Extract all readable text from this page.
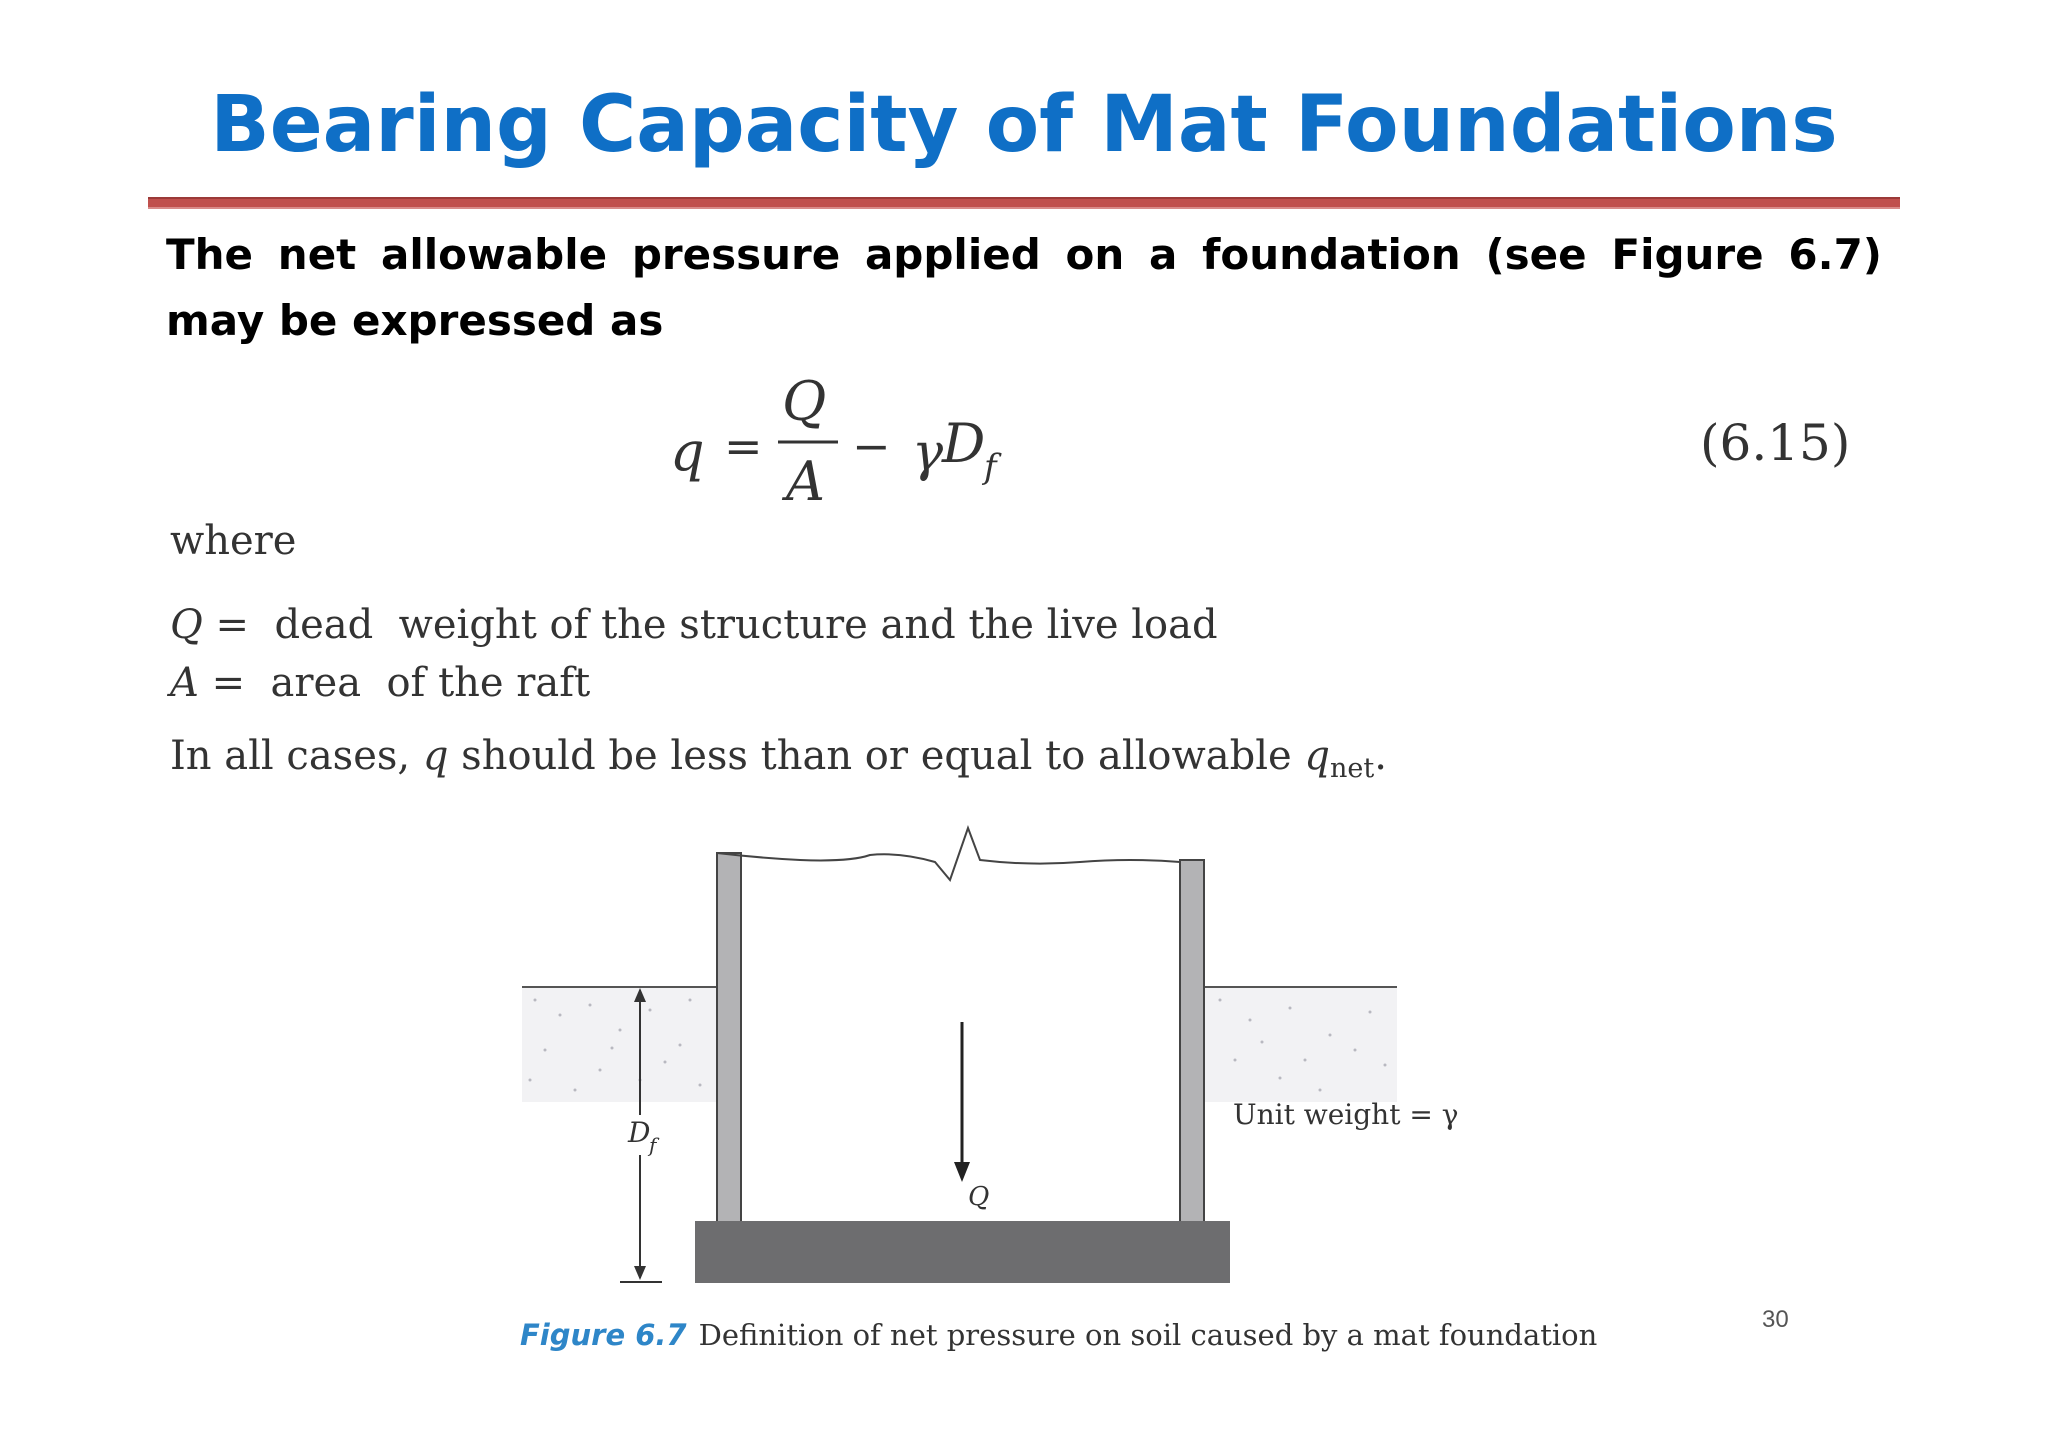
Bearing Capacity of Mat Foundations
The net allowable pressure applied on a foundation (see Figure 6.7) may be expressed as
q =
Q
A
− γ
D
f
D
f
Q
Unit weight = γ
(6.15)
where
Q =  dead  weight of the structure and the live load
A =  area  of the raft
In all cases, q should be less than or equal to allowable $q_{net}$.
Figure 6.7 Definition of net pressure on soil caused by a mat foundation	30
